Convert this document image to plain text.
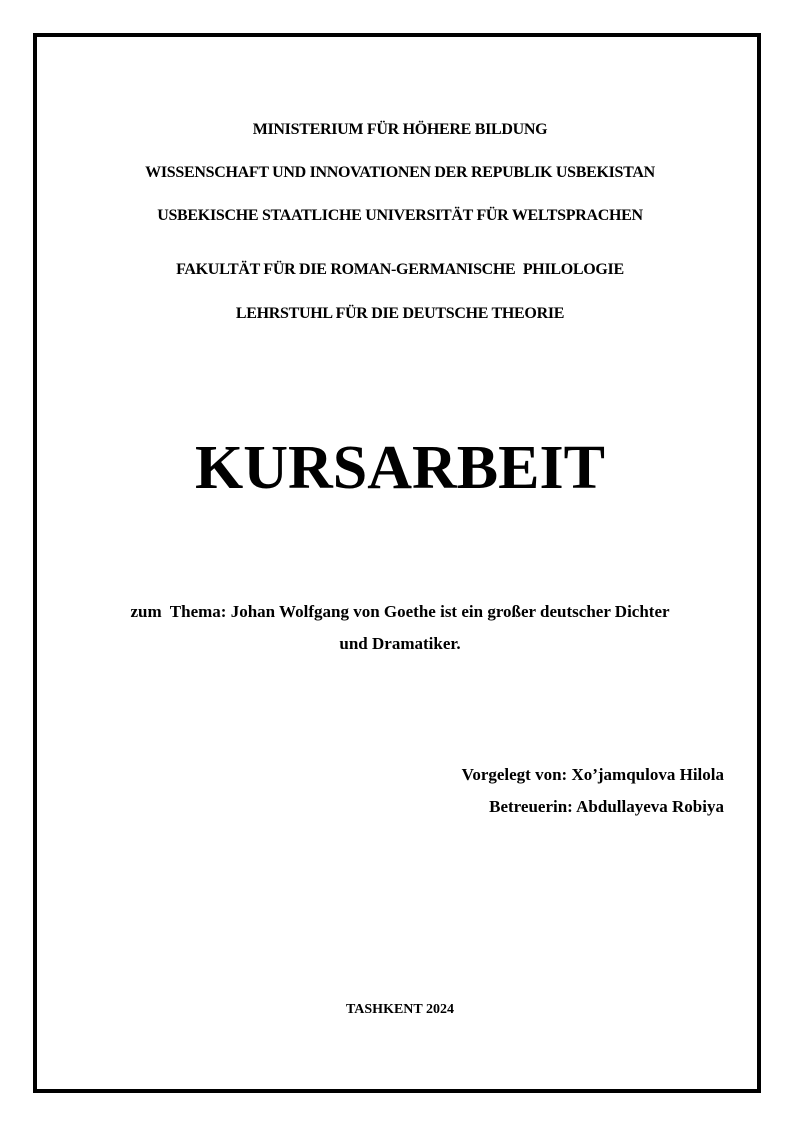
MINISTERIUM FÜR HÖHERE BILDUNG
WISSENSCHAFT UND INNOVATIONEN DER REPUBLIK USBEKISTAN
USBEKISCHE STAATLICHE UNIVERSITÄT FÜR WELTSPRACHEN
FAKULTÄT FÜR DIE ROMAN-GERMANISCHE  PHILOLOGIE
LEHRSTUHL FÜR DIE DEUTSCHE THEORIE
KURSARBEIT
zum  Thema: Johan Wolfgang von Goethe ist ein großer deutscher Dichter
und Dramatiker.
Vorgelegt von: Xo’jamqulova Hilola
Betreuerin: Abdullayeva Robiya
TASHKENT 2024
